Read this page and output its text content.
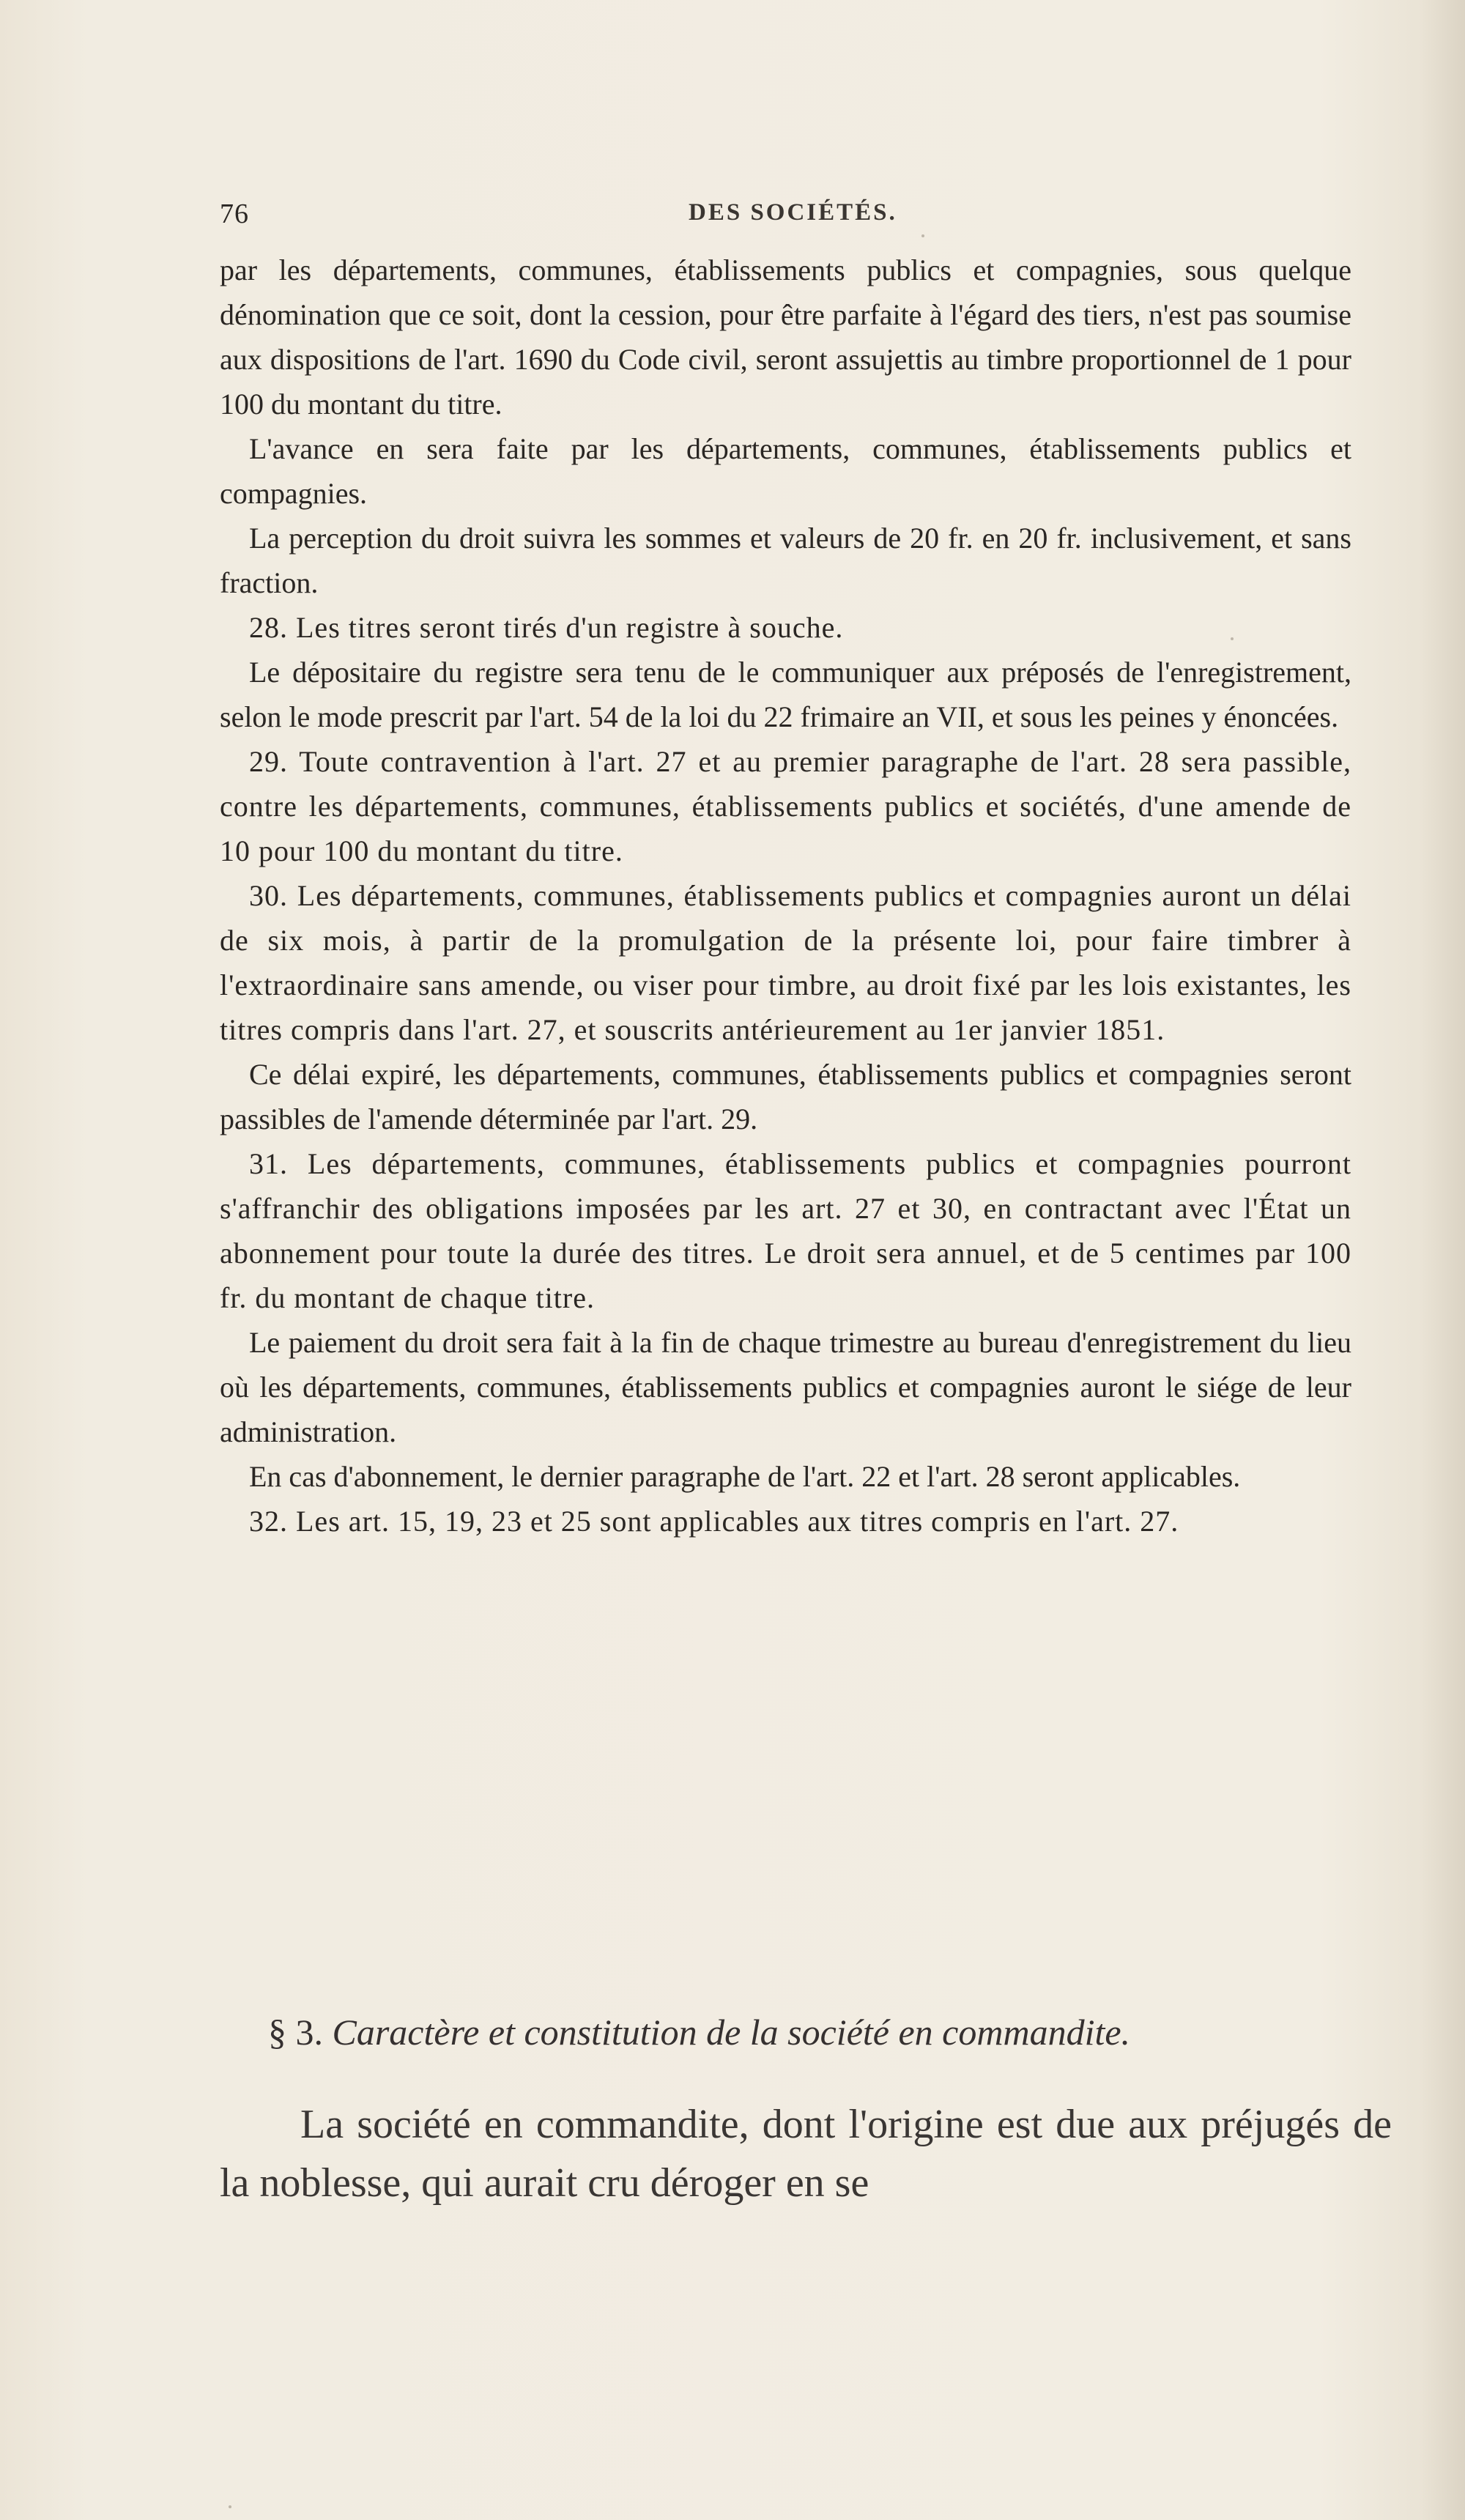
76	DES SOCIÉTÉS.

par les départements, communes, établissements publics et compagnies, sous quelque dénomination que ce soit, dont la cession, pour être parfaite à l'égard des tiers, n'est pas soumise aux dispositions de l'art. 1690 du Code civil, seront assujettis au timbre proportionnel de 1 pour 100 du montant du titre.

L'avance en sera faite par les départements, communes, établissements publics et compagnies.

La perception du droit suivra les sommes et valeurs de 20 fr. en 20 fr. inclusivement, et sans fraction.

28. Les titres seront tirés d'un registre à souche.

Le dépositaire du registre sera tenu de le communiquer aux préposés de l'enregistrement, selon le mode prescrit par l'art. 54 de la loi du 22 frimaire an VII, et sous les peines y énoncées.

29. Toute contravention à l'art. 27 et au premier paragraphe de l'art. 28 sera passible, contre les départements, communes, établissements publics et sociétés, d'une amende de 10 pour 100 du montant du titre.

30. Les départements, communes, établissements publics et compagnies auront un délai de six mois, à partir de la promulgation de la présente loi, pour faire timbrer à l'extraordinaire sans amende, ou viser pour timbre, au droit fixé par les lois existantes, les titres compris dans l'art. 27, et souscrits antérieurement au 1er janvier 1851.

Ce délai expiré, les départements, communes, établissements publics et compagnies seront passibles de l'amende déterminée par l'art. 29.

31. Les départements, communes, établissements publics et compagnies pourront s'affranchir des obligations imposées par les art. 27 et 30, en contractant avec l'État un abonnement pour toute la durée des titres. Le droit sera annuel, et de 5 centimes par 100 fr. du montant de chaque titre.

Le paiement du droit sera fait à la fin de chaque trimestre au bureau d'enregistrement du lieu où les départements, communes, établissements publics et compagnies auront le siége de leur administration.

En cas d'abonnement, le dernier paragraphe de l'art. 22 et l'art. 28 seront applicables.

32. Les art. 15, 19, 23 et 25 sont applicables aux titres compris en l'art. 27.

§ 3. Caractère et constitution de la société en commandite.

La société en commandite, dont l'origine est due aux préjugés de la noblesse, qui aurait cru déroger en se
